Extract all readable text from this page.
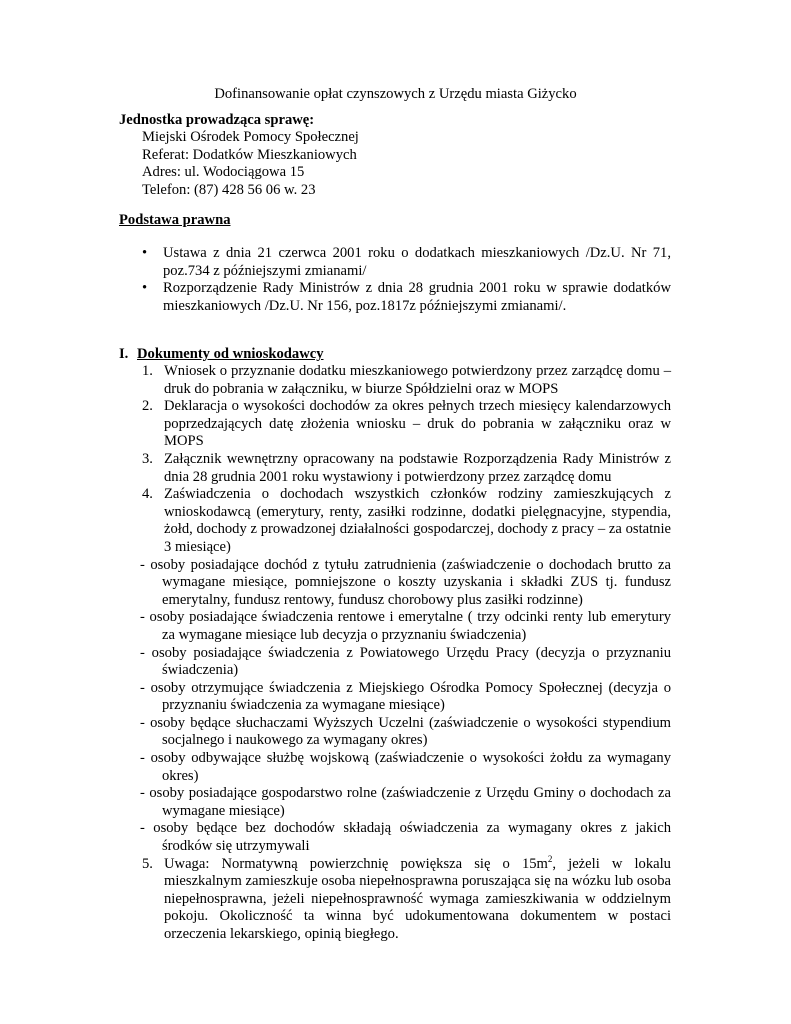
Dofinansowanie opłat czynszowych z Urzędu miasta Giżycko
Jednostka prowadząca sprawę:
Miejski Ośrodek Pomocy Społecznej
Referat: Dodatków Mieszkaniowych
Adres: ul. Wodociągowa 15
Telefon: (87) 428 56 06 w. 23
Podstawa prawna
• Ustawa z dnia 21 czerwca 2001 roku o dodatkach mieszkaniowych /Dz.U. Nr 71, poz.734 z późniejszymi zmianami/
• Rozporządzenie Rady Ministrów z dnia 28 grudnia 2001 roku w sprawie dodatków mieszkaniowych /Dz.U. Nr 156, poz.1817z późniejszymi zmianami/.
I. Dokumenty od wnioskodawcy
1. Wniosek o przyznanie dodatku mieszkaniowego potwierdzony przez zarządcę domu – druk do pobrania w załączniku, w biurze Spółdzielni oraz w MOPS
2. Deklaracja o wysokości dochodów za okres pełnych trzech miesięcy kalendarzowych poprzedzających datę złożenia wniosku – druk do pobrania w załączniku oraz w MOPS
3. Załącznik wewnętrzny opracowany na podstawie Rozporządzenia Rady Ministrów z dnia 28 grudnia 2001 roku wystawiony i potwierdzony przez zarządcę domu
4. Zaświadczenia o dochodach wszystkich członków rodziny zamieszkujących z wnioskodawcą (emerytury, renty, zasiłki rodzinne, dodatki pielęgnacyjne, stypendia, żołd, dochody z prowadzonej działalności gospodarczej, dochody z pracy – za ostatnie 3 miesiące)
- osoby posiadające dochód z tytułu zatrudnienia (zaświadczenie o dochodach brutto za wymagane miesiące, pomniejszone o koszty uzyskania i składki ZUS tj. fundusz emerytalny, fundusz rentowy, fundusz chorobowy plus zasiłki rodzinne)
- osoby posiadające świadczenia rentowe i emerytalne ( trzy odcinki renty lub emerytury za wymagane miesiące lub decyzja o przyznaniu świadczenia)
- osoby posiadające świadczenia z Powiatowego Urzędu Pracy (decyzja o przyznaniu świadczenia)
- osoby otrzymujące świadczenia z Miejskiego Ośrodka Pomocy Społecznej (decyzja o przyznaniu świadczenia za wymagane miesiące)
- osoby będące słuchaczami Wyższych Uczelni (zaświadczenie o wysokości stypendium socjalnego i naukowego za wymagany okres)
- osoby odbywające służbę wojskową (zaświadczenie o wysokości żołdu za wymagany okres)
- osoby posiadające gospodarstwo rolne (zaświadczenie z Urzędu Gminy o dochodach za wymagane miesiące)
- osoby będące bez dochodów składają oświadczenia za wymagany okres z jakich środków się utrzymywali
5. Uwaga: Normatywną powierzchnię powiększa się o $15m^2$, jeżeli w lokalu mieszkalnym zamieszkuje osoba niepełnosprawna poruszająca się na wózku lub osoba niepełnosprawna, jeżeli niepełnosprawność wymaga zamieszkiwania w oddzielnym pokoju. Okoliczność ta winna być udokumentowana dokumentem w postaci orzeczenia lekarskiego, opinią biegłego.
